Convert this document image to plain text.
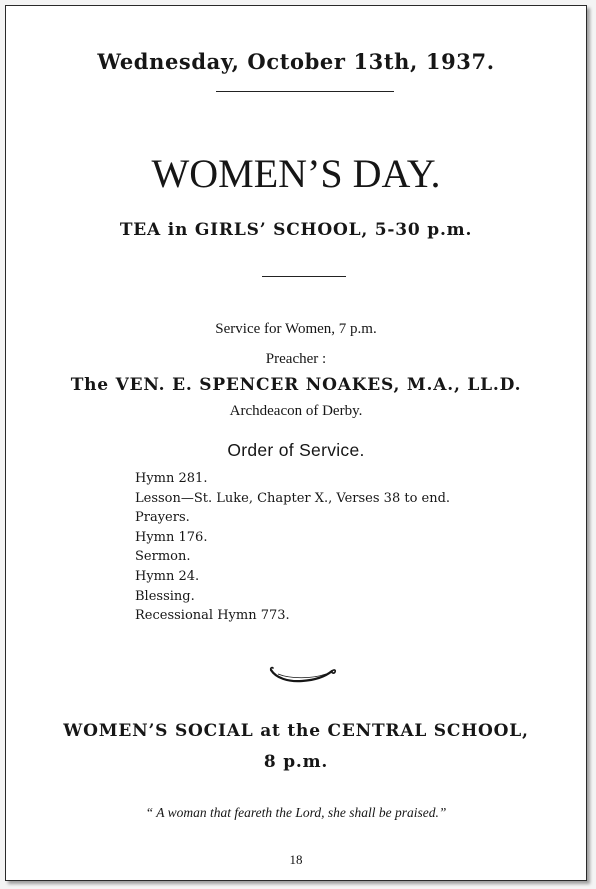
Wednesday, October 13th, 1937.
WOMEN’S DAY.
TEA in GIRLS’ SCHOOL, 5-30 p.m.
Service for Women, 7 p.m.
Preacher :
The VEN. E. SPENCER NOAKES, M.A., LL.D.
Archdeacon of Derby.
Order of Service.
Hymn 281.
Lesson—St. Luke, Chapter X., Verses 38 to end.
Prayers.
Hymn 176.
Sermon.
Hymn 24.
Blessing.
Recessional Hymn 773.
WOMEN’S SOCIAL at the CENTRAL SCHOOL,
8 p.m.
“ A woman that feareth the Lord, she shall be praised.”
18
